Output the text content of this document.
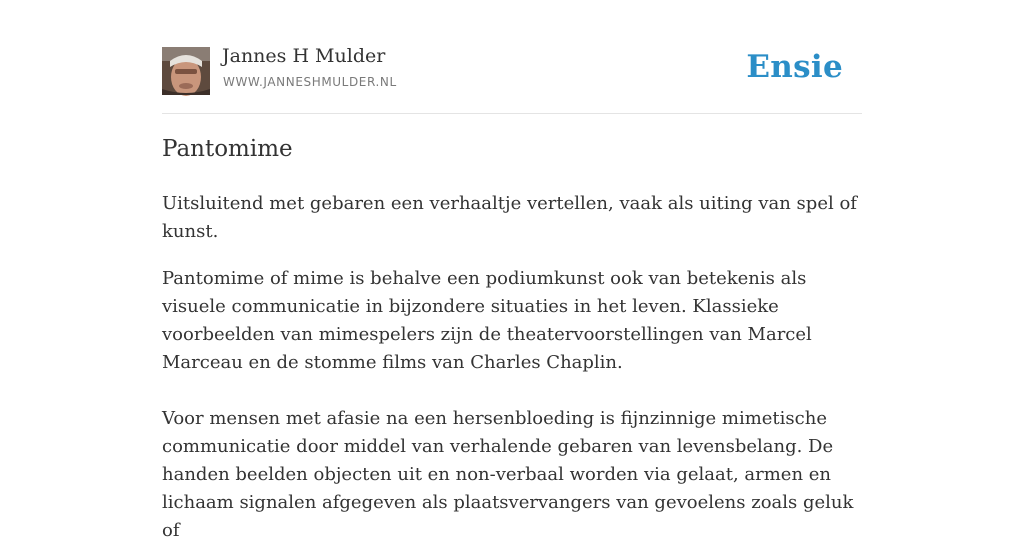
Jannes H Mulder
WWW.JANNESHMULDER.NL	Ensie
Pantomime

Uitsluitend met gebaren een verhaaltje vertellen, vaak als uiting van spel of kunst.

Pantomime of mime is behalve een podiumkunst ook van betekenis als visuele communicatie in bijzondere situaties in het leven. Klassieke voorbeelden van mimespelers zijn de theatervoorstellingen van Marcel Marceau en de stomme films van Charles Chaplin.

Voor mensen met afasie na een hersenbloeding is fijnzinnige mimetische communicatie door middel van verhalende gebaren van levensbelang. De handen beelden objecten uit en non-verbaal worden via gelaat, armen en lichaam signalen afgegeven als plaatsvervangers van gevoelens zoals geluk of
